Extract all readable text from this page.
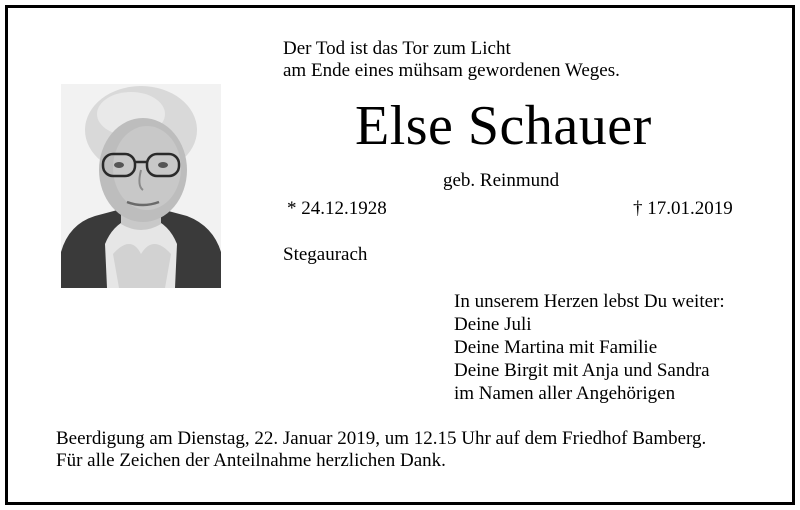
Der Tod ist das Tor zum Licht
am Ende eines mühsam gewordenen Weges.
Else Schauer
geb. Reinmund
* 24.12.1928	† 17.01.2019
Stegaurach
In unserem Herzen lebst Du weiter:
Deine Juli
Deine Martina mit Familie
Deine Birgit mit Anja und Sandra
im Namen aller Angehörigen
Beerdigung am Dienstag, 22. Januar 2019, um 12.15 Uhr auf dem Friedhof Bamberg.
Für alle Zeichen der Anteilnahme herzlichen Dank.
